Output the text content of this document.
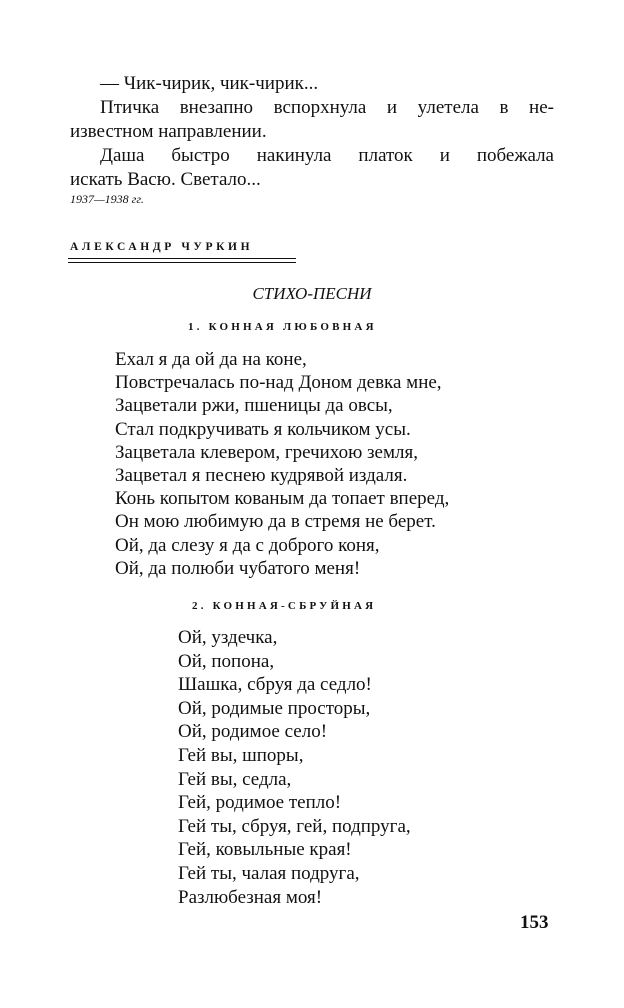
— Чик-чирик, чик-чирик...
Птичка внезапно вспорхнула и улетела в не-
известном направлении.
Даша быстро накинула платок и побежала
искать Васю. Светало...
1937—1938 гг.
АЛЕКСАНДР ЧУРКИН
СТИХО-ПЕСНИ
1. КОННАЯ ЛЮБОВНАЯ
Ехал я да ой да на коне,
Повстречалась по-над Доном девка мне,
Зацветали ржи, пшеницы да овсы,
Стал подкручивать я кольчиком усы.
Зацветала клевером, гречихою земля,
Зацветал я песнею кудрявой издаля.
Конь копытом кованым да топает вперед,
Он мою любимую да в стремя не берет.
Ой, да слезу я да с доброго коня,
Ой, да полюби чубатого меня!
2. КОННАЯ-СБРУЙНАЯ
Ой, уздечка,
Ой, попона,
Шашка, сбруя да седло!
Ой, родимые просторы,
Ой, родимое село!
Гей вы, шпоры,
Гей вы, седла,
Гей, родимое тепло!
Гей ты, сбруя, гей, подпруга,
Гей, ковыльные края!
Гей ты, чалая подруга,
Разлюбезная моя!
153
